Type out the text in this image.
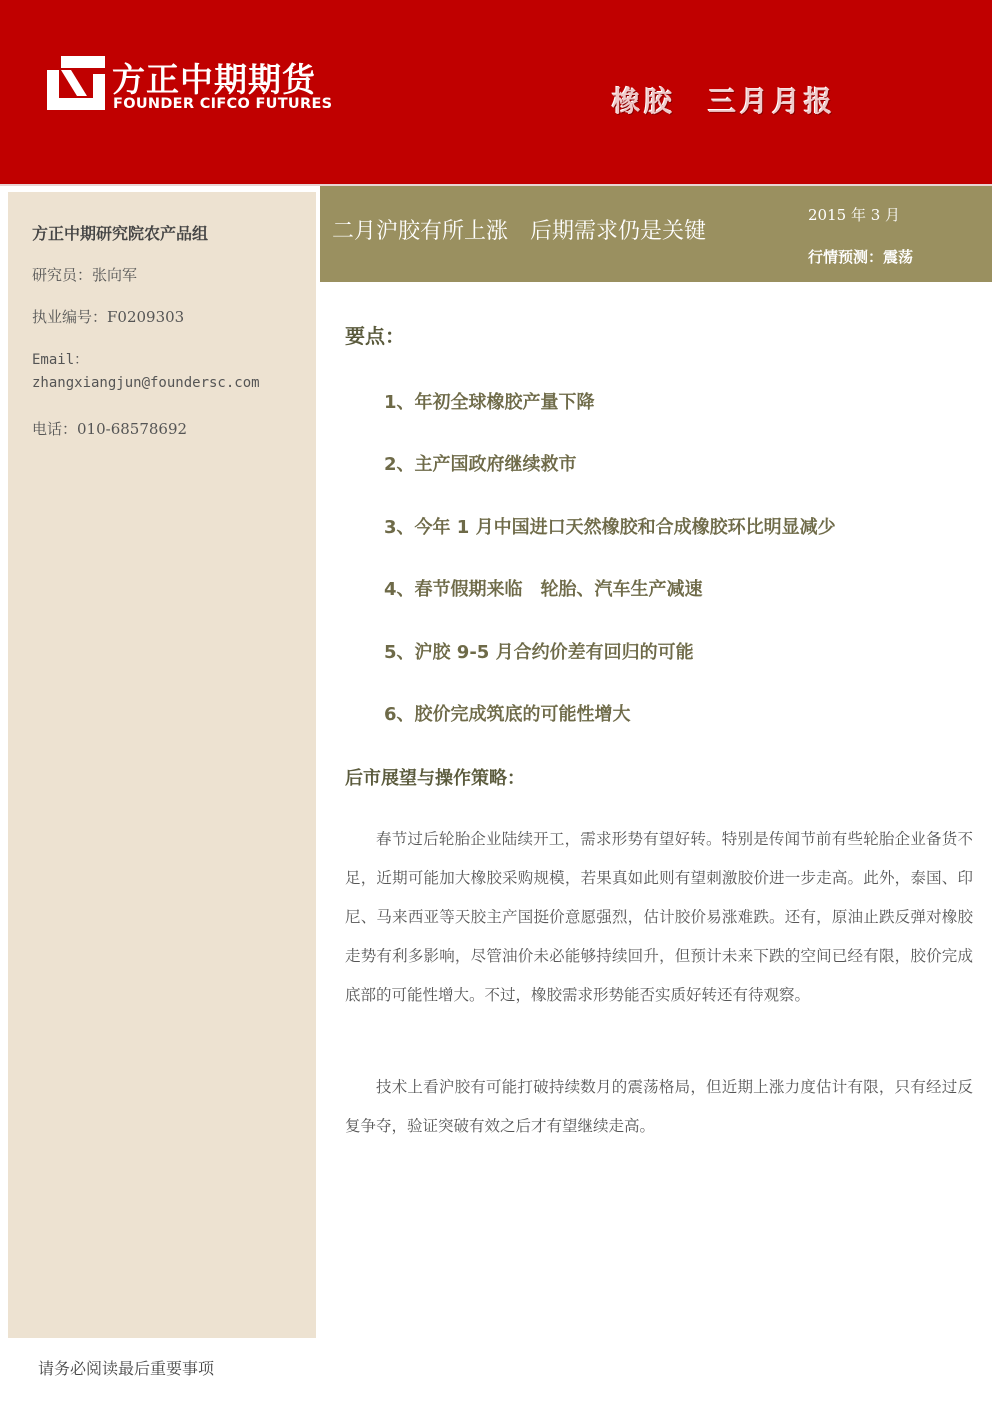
方正中期期货
FOUNDER CIFCO FUTURES	橡胶　三月月报
方正中期研究院农产品组
研究员：张向军
执业编号：F0209303
Email：
zhangxiangjun@foundersc.com
电话：010-68578692
二月沪胶有所上涨　后期需求仍是关键
2015 年 3 月
行情预测：震荡
要点：
1、年初全球橡胶产量下降
2、主产国政府继续救市
3、今年 1 月中国进口天然橡胶和合成橡胶环比明显减少
4、春节假期来临　轮胎、汽车生产减速
5、沪胶 9-5 月合约价差有回归的可能
6、胶价完成筑底的可能性增大
后市展望与操作策略：

春节过后轮胎企业陆续开工，需求形势有望好转。特别是传闻节前有些轮胎企业备货不足，近期可能加大橡胶采购规模，若果真如此则有望刺激胶价进一步走高。此外，泰国、印尼、马来西亚等天胶主产国挺价意愿强烈，估计胶价易涨难跌。还有，原油止跌反弹对橡胶走势有利多影响，尽管油价未必能够持续回升，但预计未来下跌的空间已经有限，胶价完成底部的可能性增大。不过，橡胶需求形势能否实质好转还有待观察。

技术上看沪胶有可能打破持续数月的震荡格局，但近期上涨力度估计有限，只有经过反复争夺，验证突破有效之后才有望继续走高。

请务必阅读最后重要事项
